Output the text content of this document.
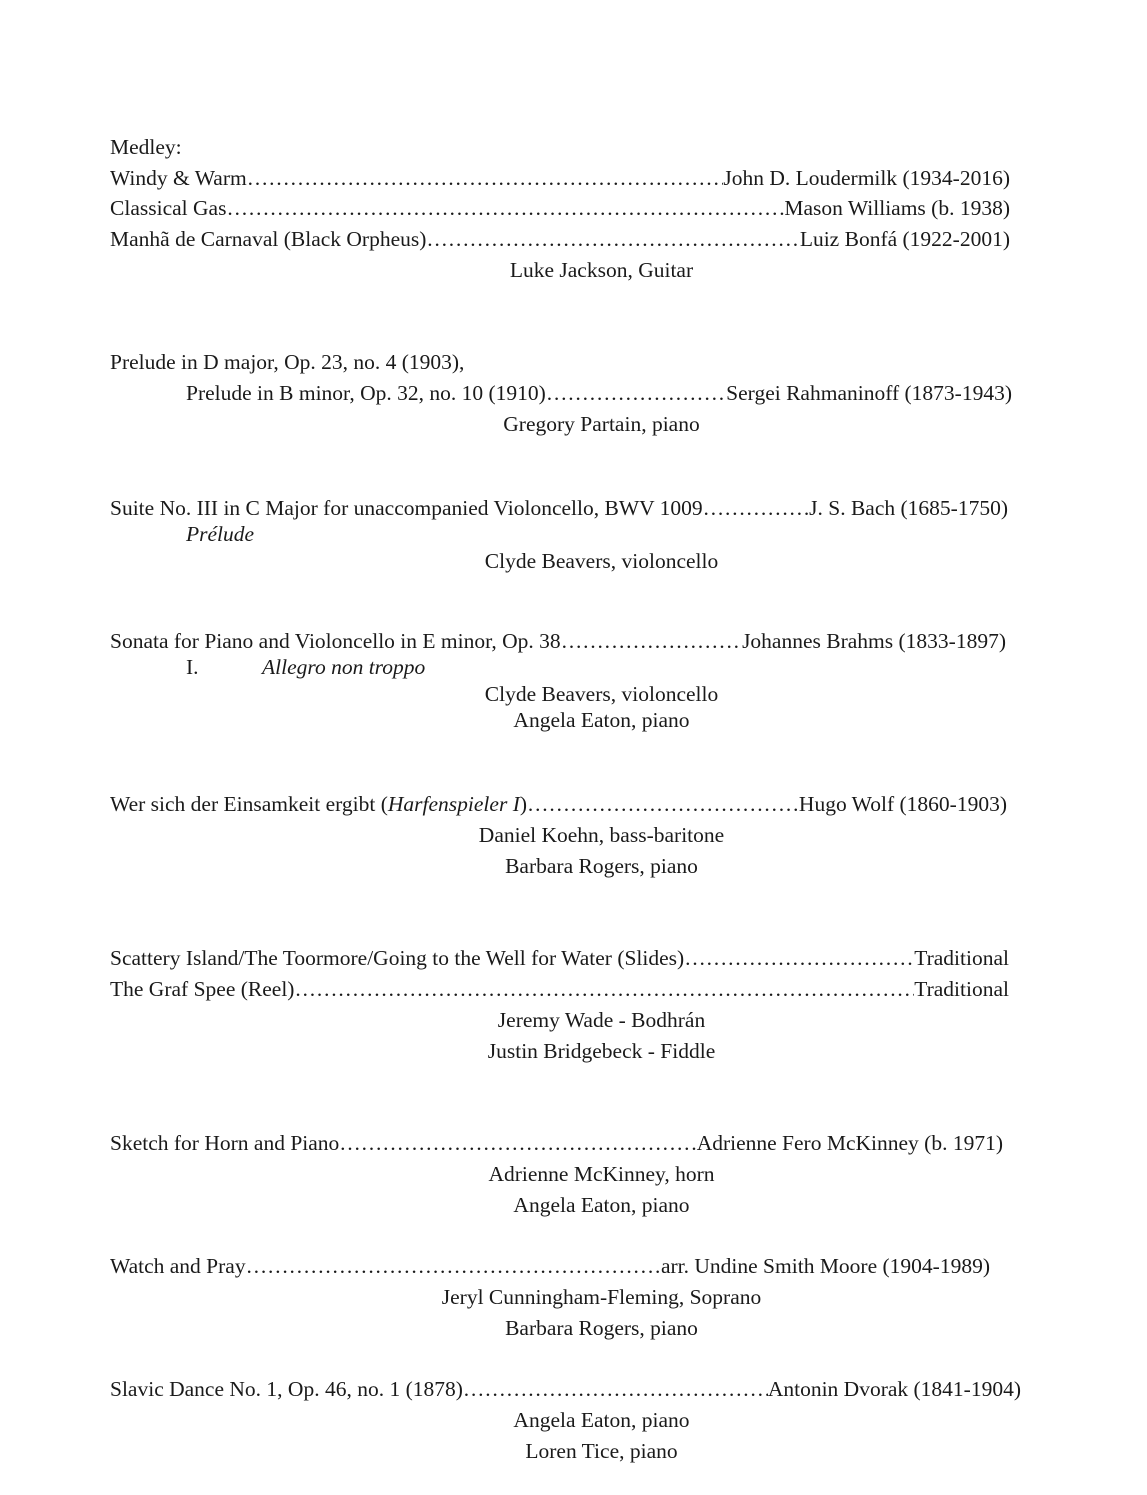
Medley:
Windy & Warm …………………………………………………………………………………………………………………………………………………	John D. Loudermilk (1934-2016)
Classical Gas …………………………………………………………………………………………………………………………………………………	Mason Williams (b. 1938)
Manhã de Carnaval (Black Orpheus) …………………………………………………………………………………………………………………………………………………	Luiz Bonfá (1922-2001)
Luke Jackson, Guitar
Prelude in D major, Op. 23, no. 4 (1903),
Prelude in B minor, Op. 32, no. 10 (1910) …………………………………………………………………………………………………………………………………………………	Sergei Rahmaninoff (1873-1943)
Gregory Partain, piano
Suite No. III in C Major for unaccompanied Violoncello, BWV 1009 …………………………………………………………………………………………………………………………………………………	J. S. Bach (1685-1750)
Prélude
Clyde Beavers, violoncello
Sonata for Piano and Violoncello in E minor, Op. 38 …………………………………………………………………………………………………………………………………………………	Johannes Brahms (1833-1897)
I.	Allegro non troppo
Clyde Beavers, violoncello
Angela Eaton, piano
Wer sich der Einsamkeit ergibt (Harfenspieler I) …………………………………………………………………………………………………………………………………………………	Hugo Wolf (1860-1903)
Daniel Koehn, bass-baritone
Barbara Rogers, piano
Scattery Island/The Toormore/Going to the Well for Water (Slides) …………………………………………………………………………………………………………………………………………………	Traditional
The Graf Spee (Reel) …………………………………………………………………………………………………………………………………………………	Traditional
Jeremy Wade - Bodhrán
Justin Bridgebeck - Fiddle
Sketch for Horn and Piano …………………………………………………………………………………………………………………………………………………	Adrienne Fero McKinney (b. 1971)
Adrienne McKinney, horn
Angela Eaton, piano
Watch and Pray …………………………………………………………………………………………………………………………………………………	arr. Undine Smith Moore (1904-1989)
Jeryl Cunningham-Fleming, Soprano
Barbara Rogers, piano
Slavic Dance No. 1, Op. 46, no. 1 (1878) …………………………………………………………………………………………………………………………………………………	Antonin Dvorak (1841-1904)
Angela Eaton, piano
Loren Tice, piano
